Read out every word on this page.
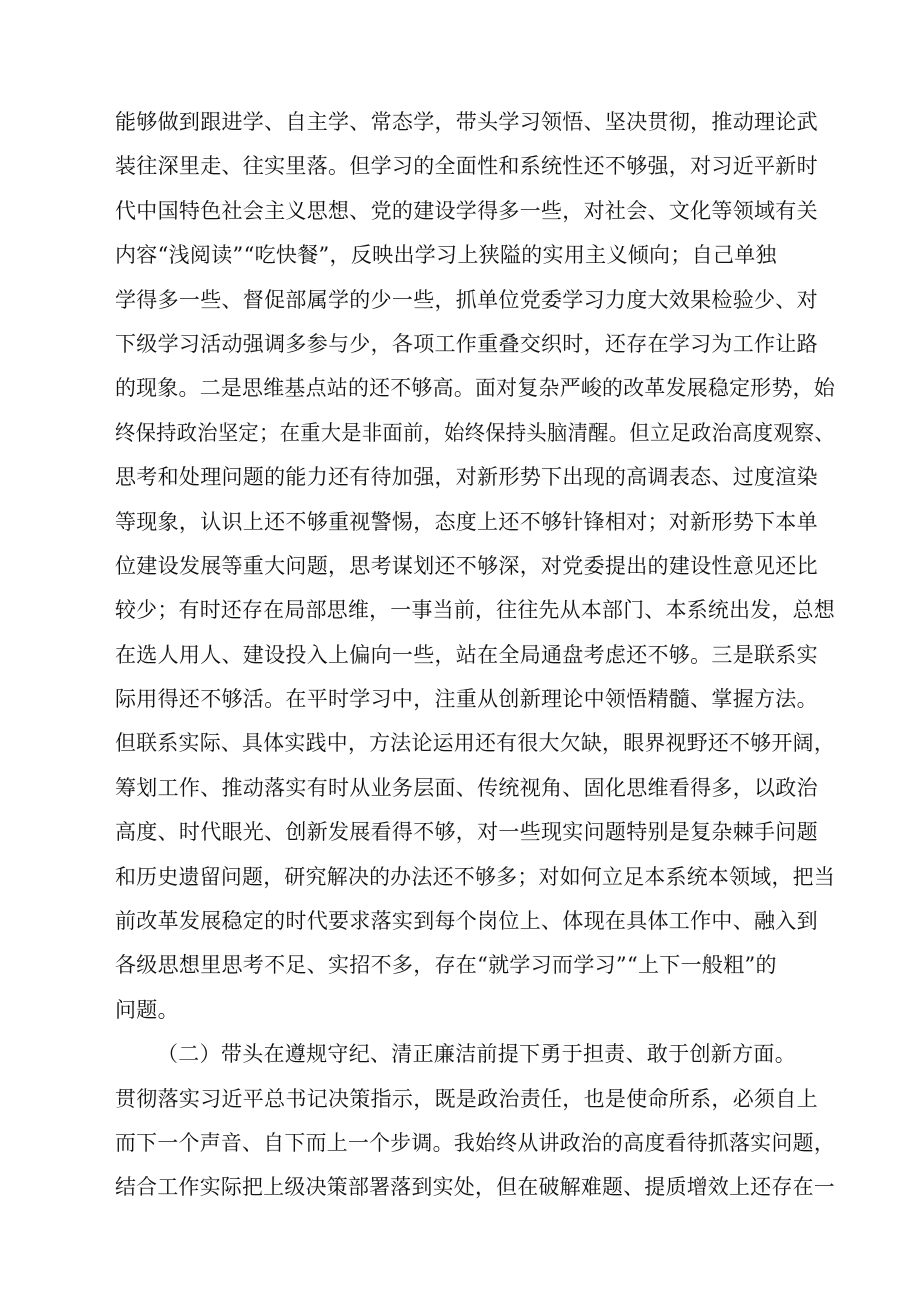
能够做到跟进学、自主学、常态学，带头学习领悟、坚决贯彻，推动理论武
装往深里走、往实里落。但学习的全面性和系统性还不够强，对习近平新时
代中国特色社会主义思想、党的建设学得多一些，对社会、文化等领域有关
内容“浅阅读”“吃快餐”，反映出学习上狭隘的实用主义倾向；自己单独
学得多一些、督促部属学的少一些，抓单位党委学习力度大效果检验少、对
下级学习活动强调多参与少，各项工作重叠交织时，还存在学习为工作让路
的现象。二是思维基点站的还不够高。面对复杂严峻的改革发展稳定形势，始
终保持政治坚定；在重大是非面前，始终保持头脑清醒。但立足政治高度观察、
思考和处理问题的能力还有待加强，对新形势下出现的高调表态、过度渲染
等现象，认识上还不够重视警惕，态度上还不够针锋相对；对新形势下本单
位建设发展等重大问题，思考谋划还不够深，对党委提出的建设性意见还比
较少；有时还存在局部思维，一事当前，往往先从本部门、本系统出发，总想
在选人用人、建设投入上偏向一些，站在全局通盘考虑还不够。三是联系实
际用得还不够活。在平时学习中，注重从创新理论中领悟精髓、掌握方法。
但联系实际、具体实践中，方法论运用还有很大欠缺，眼界视野还不够开阔，
筹划工作、推动落实有时从业务层面、传统视角、固化思维看得多，以政治
高度、时代眼光、创新发展看得不够，对一些现实问题特别是复杂棘手问题
和历史遗留问题，研究解决的办法还不够多；对如何立足本系统本领域，把当
前改革发展稳定的时代要求落实到每个岗位上、体现在具体工作中、融入到
各级思想里思考不足、实招不多，存在“就学习而学习”“上下一般粗”的
问题。
（二）带头在遵规守纪、清正廉洁前提下勇于担责、敢于创新方面。
贯彻落实习近平总书记决策指示，既是政治责任，也是使命所系，必须自上
而下一个声音、自下而上一个步调。我始终从讲政治的高度看待抓落实问题，
结合工作实际把上级决策部署落到实处，但在破解难题、提质增效上还存在一
